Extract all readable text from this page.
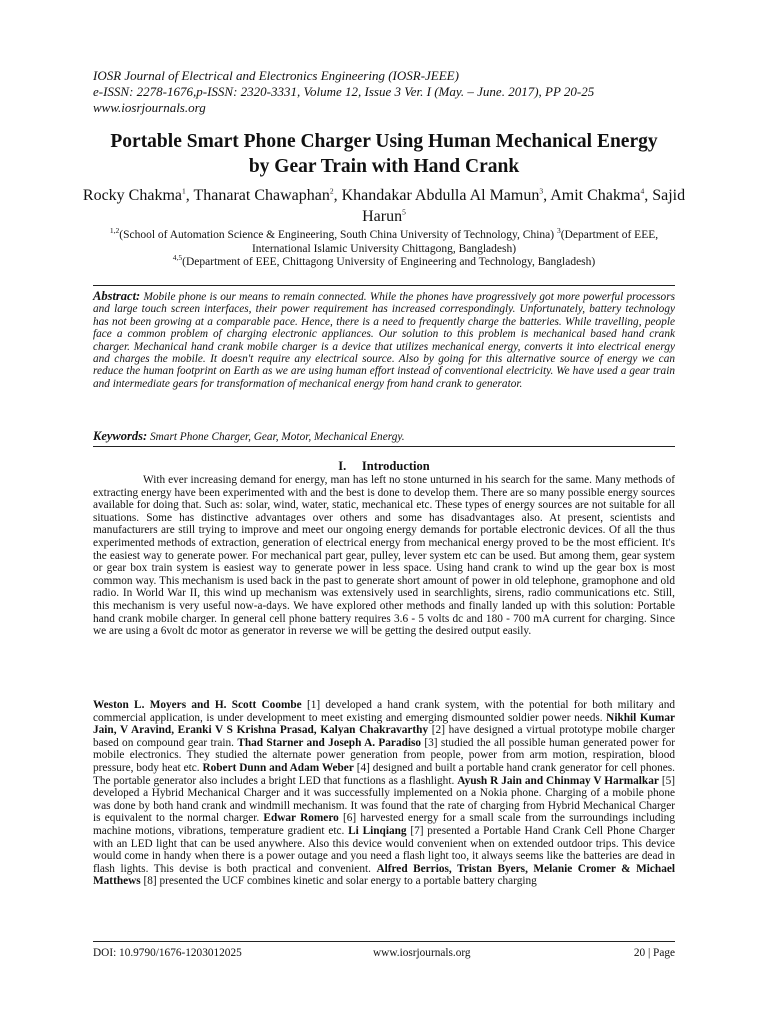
IOSR Journal of Electrical and Electronics Engineering (IOSR-JEEE)
e-ISSN: 2278-1676,p-ISSN: 2320-3331, Volume 12, Issue 3 Ver. I (May. – June. 2017), PP 20-25
www.iosrjournals.org
Portable Smart Phone Charger Using Human Mechanical Energy
by Gear Train with Hand Crank
Rocky Chakma$^1$, Thanarat Chawaphan$^2$, Khandakar Abdulla Al Mamun$^3$, Amit Chakma$^4$, Sajid Harun$^5$
$^{1,2}$(School of Automation Science & Engineering, South China University of Technology, China) $^3$(Department of EEE, International Islamic University Chittagong, Bangladesh)
$^{4,5}$(Department of EEE, Chittagong University of Engineering and Technology, Bangladesh)
Abstract: Mobile phone is our means to remain connected. While the phones have progressively got more powerful processors and large touch screen interfaces, their power requirement has increased correspondingly. Unfortunately, battery technology has not been growing at a comparable pace. Hence, there is a need to frequently charge the batteries. While travelling, people face a common problem of charging electronic appliances. Our solution to this problem is mechanical based hand crank charger. Mechanical hand crank mobile charger is a device that utilizes mechanical energy, converts it into electrical energy and charges the mobile. It doesn't require any electrical source. Also by going for this alternative source of energy we can reduce the human footprint on Earth as we are using human effort instead of conventional electricity. We have used a gear train and intermediate gears for transformation of mechanical energy from hand crank to generator.
Keywords: Smart Phone Charger, Gear, Motor, Mechanical Energy.
I.     Introduction
With ever increasing demand for energy, man has left no stone unturned in his search for the same. Many methods of extracting energy have been experimented with and the best is done to develop them. There are so many possible energy sources available for doing that. Such as: solar, wind, water, static, mechanical etc. These types of energy sources are not suitable for all situations. Some has distinctive advantages over others and some has disadvantages also. At present, scientists and manufacturers are still trying to improve and meet our ongoing energy demands for portable electronic devices. Of all the thus experimented methods of extraction, generation of electrical energy from mechanical energy proved to be the most efficient. It's the easiest way to generate power. For mechanical part gear, pulley, lever system etc can be used. But among them, gear system or gear box train system is easiest way to generate power in less space. Using hand crank to wind up the gear box is most common way. This mechanism is used back in the past to generate short amount of power in old telephone, gramophone and old radio. In World War II, this wind up mechanism was extensively used in searchlights, sirens, radio communications etc. Still, this mechanism is very useful now-a-days. We have explored other methods and finally landed up with this solution: Portable hand crank mobile charger. In general cell phone battery requires 3.6 - 5 volts dc and 180 - 700 mA current for charging. Since we are using a 6volt dc motor as generator in reverse we will be getting the desired output easily.
Weston L. Moyers and H. Scott Coombe [1] developed a hand crank system, with the potential for both military and commercial application, is under development to meet existing and emerging dismounted soldier power needs. Nikhil Kumar Jain, V Aravind, Eranki V S Krishna Prasad, Kalyan Chakravarthy [2] have designed a virtual prototype mobile charger based on compound gear train. Thad Starner and Joseph A. Paradiso [3] studied the all possible human generated power for mobile electronics. They studied the alternate power generation from people, power from arm motion, respiration, blood pressure, body heat etc. Robert Dunn and Adam Weber [4] designed and built a portable hand crank generator for cell phones. The portable generator also includes a bright LED that functions as a flashlight. Ayush R Jain and Chinmay V Harmalkar [5] developed a Hybrid Mechanical Charger and it was successfully implemented on a Nokia phone. Charging of a mobile phone was done by both hand crank and windmill mechanism. It was found that the rate of charging from Hybrid Mechanical Charger is equivalent to the normal charger. Edwar Romero [6] harvested energy for a small scale from the surroundings including machine motions, vibrations, temperature gradient etc. Li Linqiang [7] presented a Portable Hand Crank Cell Phone Charger with an LED light that can be used anywhere. Also this device would convenient when on extended outdoor trips. This device would come in handy when there is a power outage and you need a flash light too, it always seems like the batteries are dead in flash lights. This devise is both practical and convenient. Alfred Berrios, Tristan Byers, Melanie Cromer & Michael Matthews [8] presented the UCF combines kinetic and solar energy to a portable battery charging
DOI: 10.9790/1676-1203012025	www.iosrjournals.org	20 | Page
